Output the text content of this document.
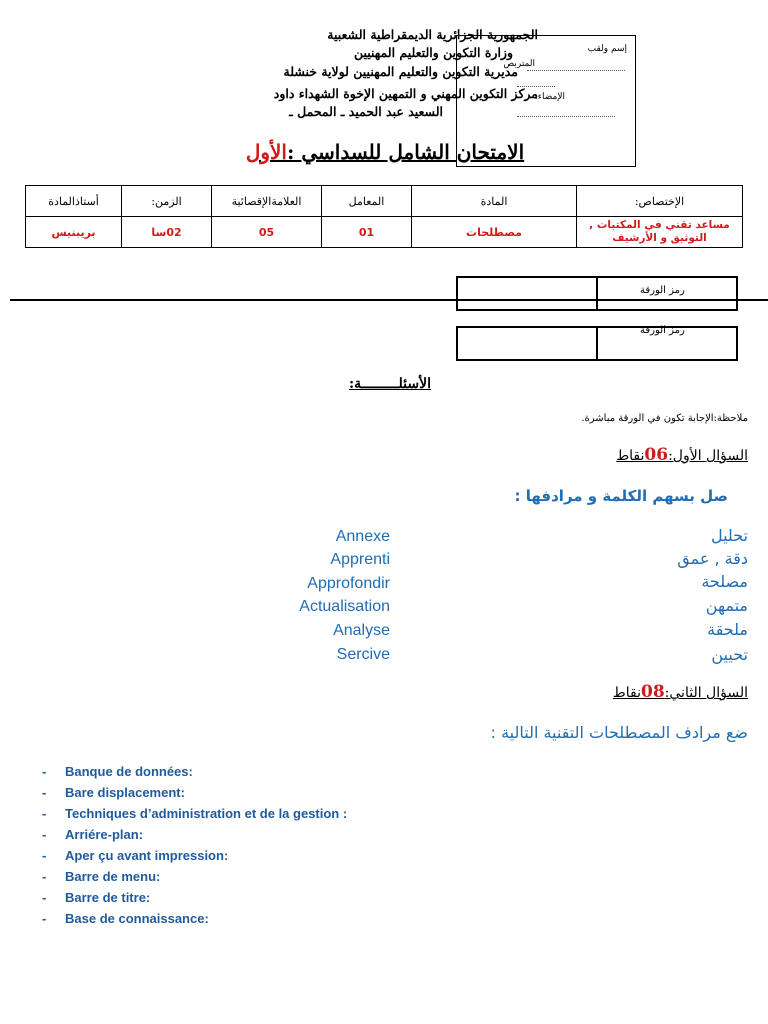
الجمهورية الجزائرية الديمقراطية الشعبية
وزارة التكوين والتعليم المهنيين
مديرية التكوين والتعليم المهنيين لولاية خنشلة
مركز التكوين المهني و التمهين الإخوة الشهداء داود
السعيد عبد الحميد ـ المحمل ـ
إسم ولقب
المتربص
الإمضاء:
الامتحان الشامل للسداسي :الأول
الإختصاص:	المادة	المعامل	العلامةالإقصائية	الزمن:	أستاذالمادة
مساعد تقني في المكتبات , التوثيق و الأرشيف	مصطلحات	01	05	02سا	بريبنيس
رمز الورقة
رمز الورقة
الأسئلـــــــــة:
ملاحظة:الإجابة تكون في الورقة مباشرة.
السؤال الأول:06نقاط
صل بسهم الكلمة و مرادفها :
تحليل
دقة , عمق
مصلحة
متمهن
ملحقة
تحيين
Annexe
Apprenti
Approfondir
Actualisation
Analyse
Sercive
السؤال الثاني:08نقاط
ضع مرادف المصطلحات التقنية التالية :
- Banque de données:
- Bare displacement:
- Techniques d’administration et de la gestion :
- Arriére-plan:
- Aper çu avant impression:
- Barre de menu:
- Barre de titre:
- Base de connaissance:
